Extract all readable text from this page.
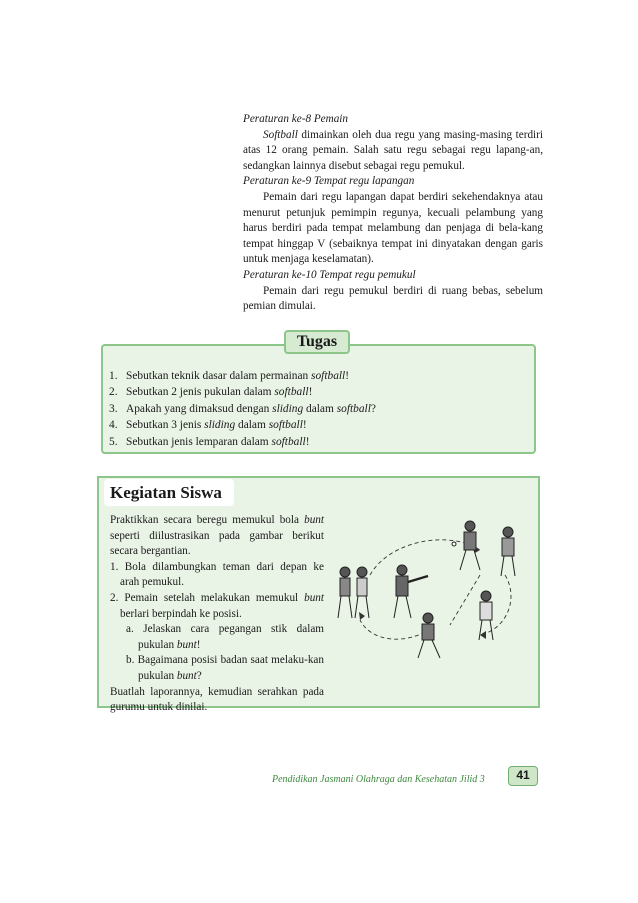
Peraturan ke-8 Pemain

Softball dimainkan oleh dua regu yang masing-masing terdiri atas 12 orang pemain. Salah satu regu sebagai regu lapang-an, sedangkan lainnya disebut sebagai regu pemukul.

Peraturan ke-9 Tempat regu lapangan

Pemain dari regu lapangan dapat berdiri sekehendaknya atau menurut petunjuk pemimpin regunya, kecuali pelambung yang harus berdiri pada tempat melambung dan penjaga di bela-kang tempat hinggap V (sebaiknya tempat ini dinyatakan dengan garis untuk menjaga keselamatan).

Peraturan ke-10 Tempat regu pemukul

Pemain dari regu pemukul berdiri di ruang bebas, sebelum pemian dimulai.

Tugas
1. Sebutkan teknik dasar dalam permainan softball!
2. Sebutkan 2 jenis pukulan dalam softball!
3. Apakah yang dimaksud dengan sliding dalam softball?
4. Sebutkan 3 jenis sliding dalam softball!
5. Sebutkan jenis lemparan dalam softball!
Kegiatan Siswa

Praktikkan secara beregu memukul bola bunt seperti diilustrasikan pada gambar berikut secara bergantian.

1. Bola dilambungkan teman dari depan ke arah pemukul.

2. Pemain setelah melakukan memukul bunt berlari berpindah ke posisi.

a. Jelaskan cara pegangan stik dalam pukulan bunt!

b. Bagaimana posisi badan saat melaku-kan pukulan bunt?

Buatlah laporannya, kemudian serahkan pada gurumu untuk dinilai.

Pendidikan Jasmani Olahraga dan Kesehatan Jilid 3	41
